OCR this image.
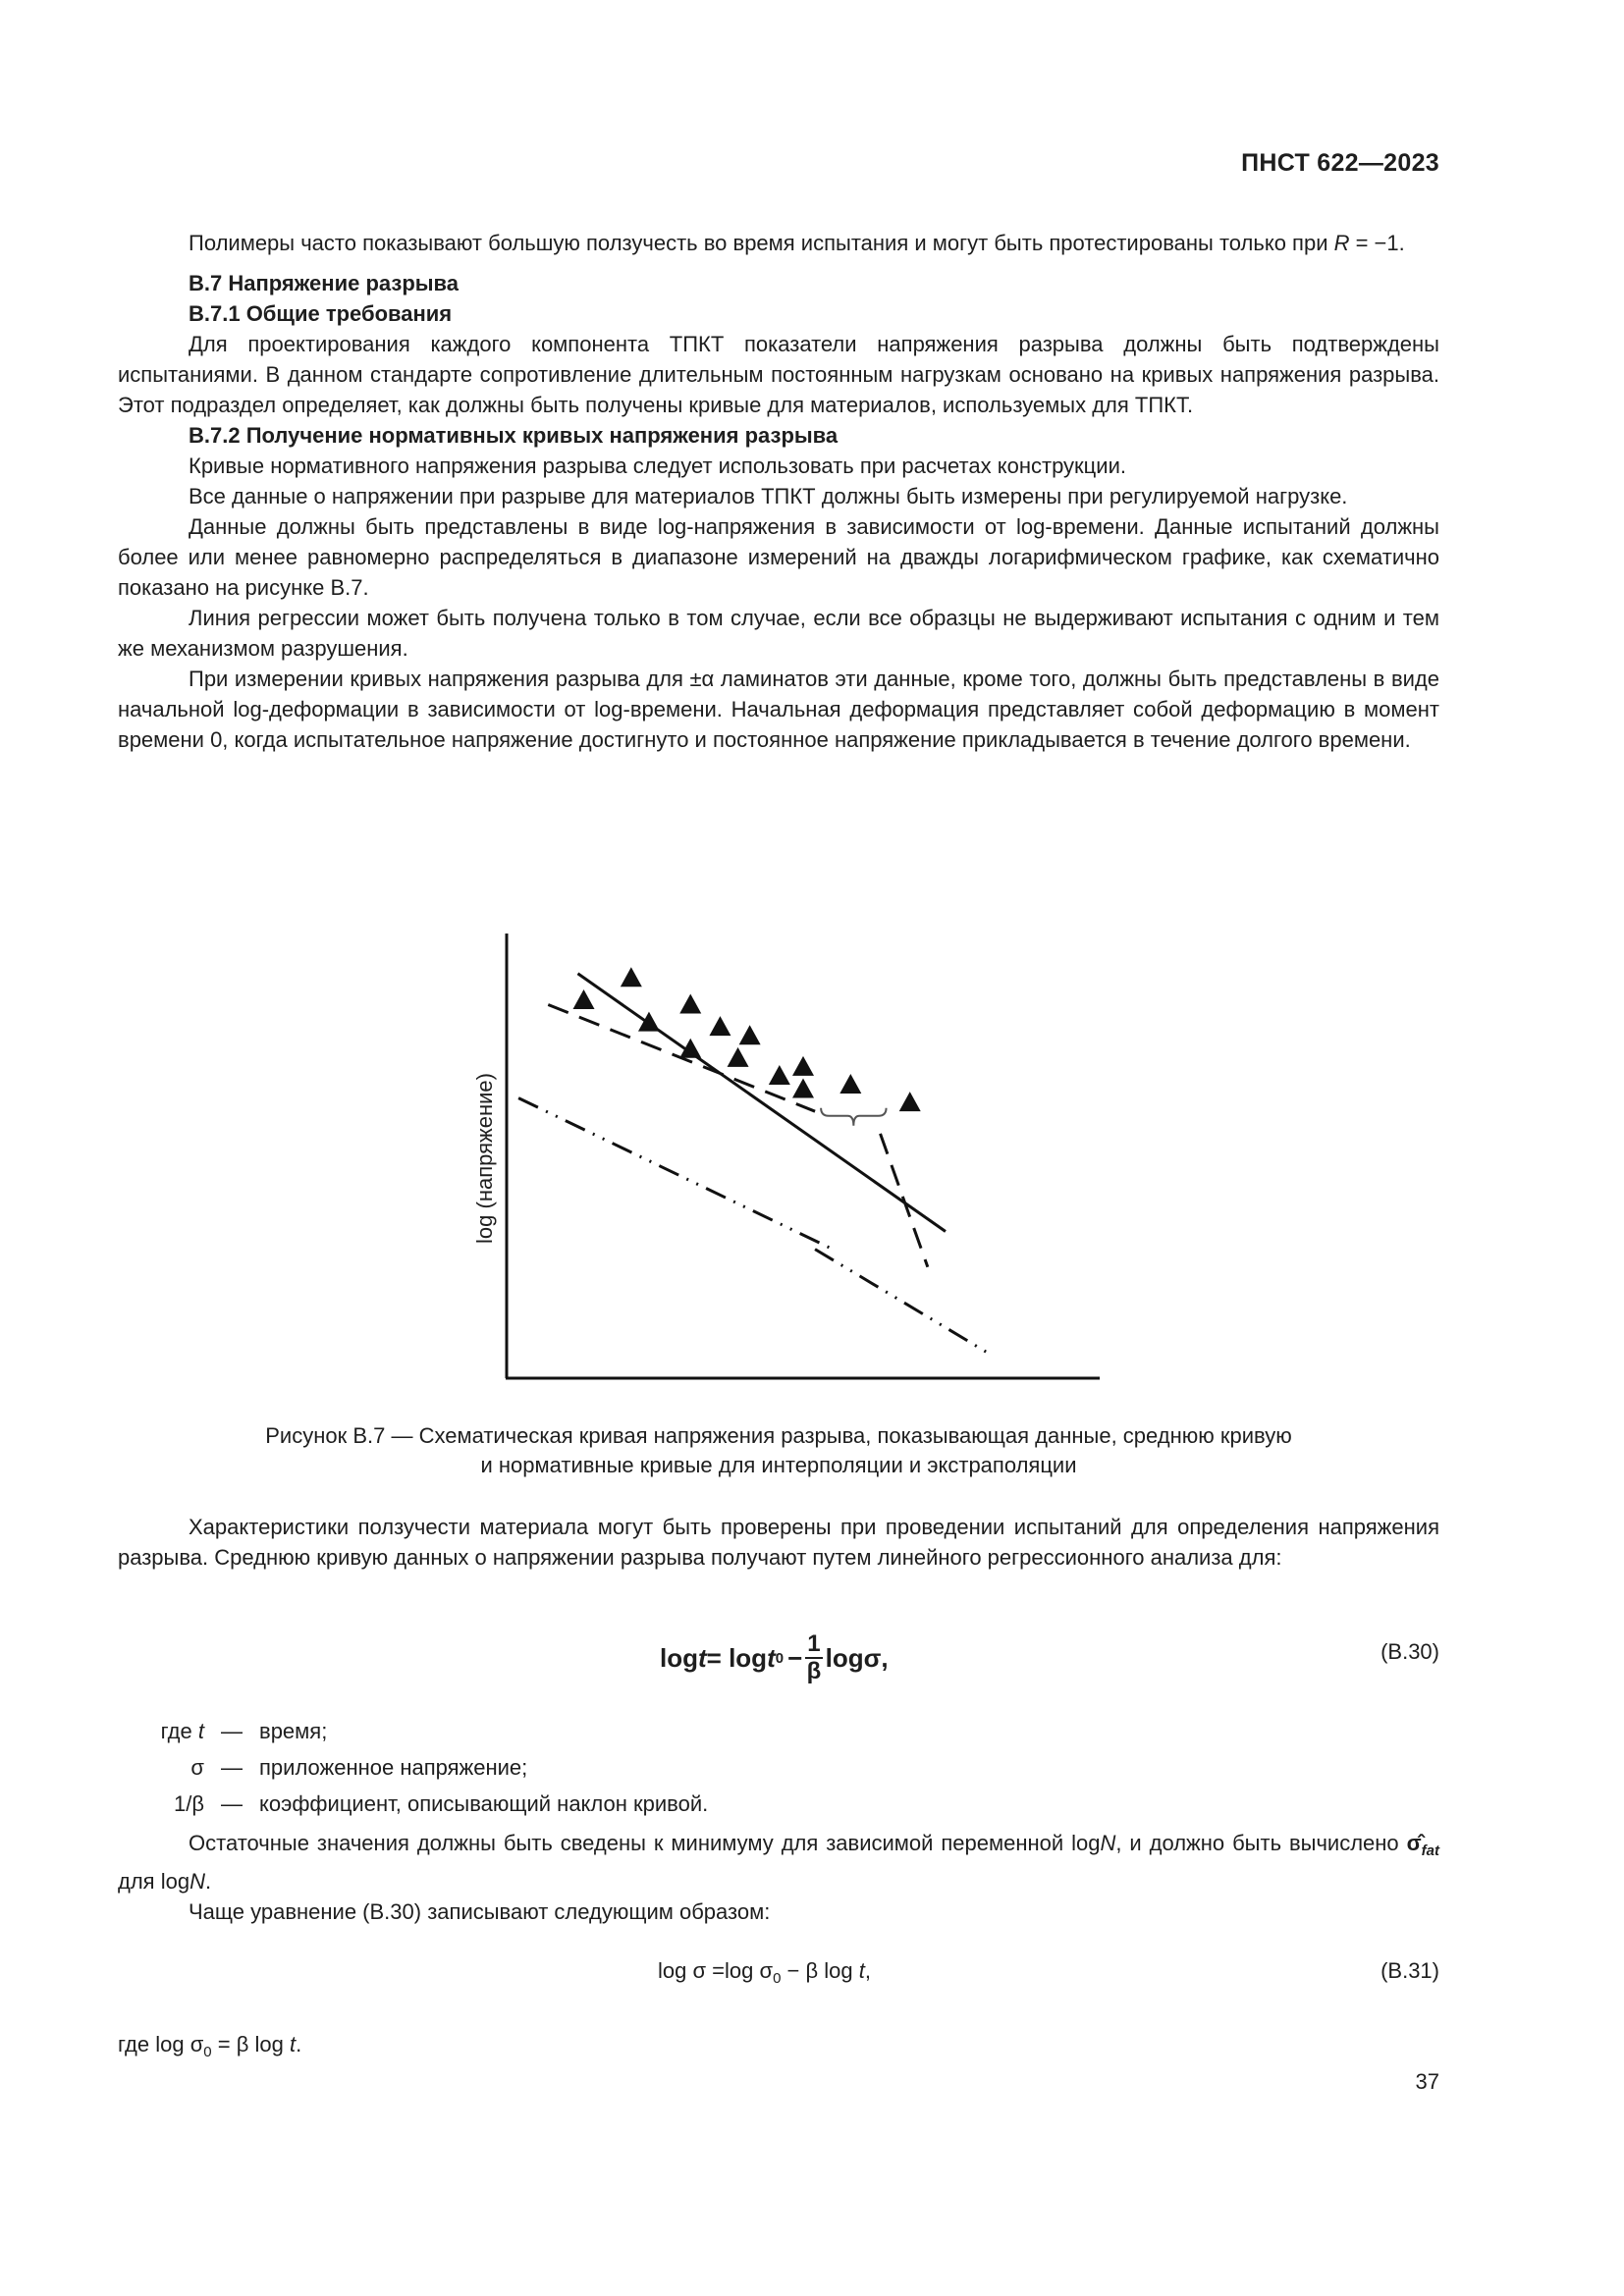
ПНСТ 622—2023

Полимеры часто показывают большую ползучесть во время испытания и могут быть протестированы только при R = −1.

В.7 Напряжение разрыва

В.7.1 Общие требования

Для проектирования каждого компонента ТПКТ показатели напряжения разрыва должны быть подтверждены испытаниями. В данном стандарте сопротивление длительным постоянным нагрузкам основано на кривых напряжения разрыва. Этот подраздел определяет, как должны быть получены кривые для материалов, используемых для ТПКТ.

В.7.2 Получение нормативных кривых напряжения разрыва

Кривые нормативного напряжения разрыва следует использовать при расчетах конструкции.

Все данные о напряжении при разрыве для материалов ТПКТ должны быть измерены при регулируемой нагрузке.

Данные должны быть представлены в виде log-напряжения в зависимости от log-времени. Данные испытаний должны более или менее равномерно распределяться в диапазоне измерений на дважды логарифмическом графике, как схематично показано на рисунке В.7.

Линия регрессии может быть получена только в том случае, если все образцы не выдерживают испытания с одним и тем же механизмом разрушения.

При измерении кривых напряжения разрыва для ±α ламинатов эти данные, кроме того, должны быть представлены в виде начальной log-деформации в зависимости от log-времени. Начальная деформация представляет собой деформацию в момент времени 0, когда испытательное напряжение достигнуто и постоянное напряжение прикладывается в течение долгого времени.

log (напряжение)
Рисунок В.7 — Схематическая кривая напряжения разрыва, показывающая данные, среднюю кривую
и нормативные кривые для интерполяции и экстраполяции

Характеристики ползучести материала могут быть проверены при проведении испытаний для определения напряжения разрыва. Среднюю кривую данных о напряжении разрыва получают путем линейного регрессионного анализа для:

log t = log t $0 - \frac{1}{\beta} \log\sigma$,	(В.30)
где t — время;
σ — приложенное напряжение;
1/β — коэффициент, описывающий наклон кривой.

Остаточные значения должны быть сведены к минимуму для зависимой переменной logN, и должно быть вычислено $\sigmâ_{fat}$ для logN.

Чаще уравнение (В.30) записывают следующим образом:

log σ =log $\sigma_0 - \beta$ log t,	(В.31)
где $\log \sigma_0 = \beta$ log t.
37
